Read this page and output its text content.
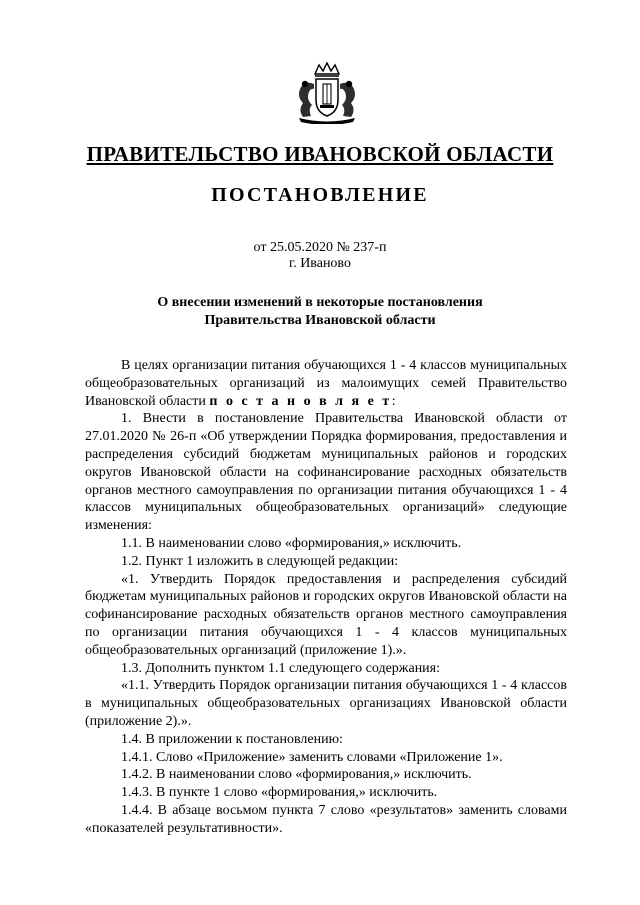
ПРАВИТЕЛЬСТВО ИВАНОВСКОЙ ОБЛАСТИ
ПОСТАНОВЛЕНИЕ
от 25.05.2020 № 237-п
г. Иваново
О внесении изменений в некоторые постановления
Правительства Ивановской области

В целях организации питания обучающихся 1 - 4 классов муниципальных общеобразовательных организаций из малоимущих семей Правительство Ивановской области п о с т а н о в л я е т:

1. Внести в постановление Правительства Ивановской области от 27.01.2020 № 26-п «Об утверждении Порядка формирования, предоставления и распределения субсидий бюджетам муниципальных районов и городских округов Ивановской области на софинансирование расходных обязательств органов местного самоуправления по организации питания обучающихся 1 - 4 классов муниципальных общеобразовательных организаций» следующие изменения:

1.1. В наименовании слово «формирования,» исключить.

1.2. Пункт 1 изложить в следующей редакции:

«1. Утвердить Порядок предоставления и распределения субсидий бюджетам муниципальных районов и городских округов Ивановской области на софинансирование расходных обязательств органов местного самоуправления по организации питания обучающихся 1 - 4 классов муниципальных общеобразовательных организаций (приложение 1).».

1.3. Дополнить пунктом 1.1 следующего содержания:

«1.1. Утвердить Порядок организации питания обучающихся 1 - 4 классов в муниципальных общеобразовательных организациях Ивановской области (приложение 2).».

1.4. В приложении к постановлению:

1.4.1. Слово «Приложение» заменить словами «Приложение 1».

1.4.2. В наименовании слово «формирования,» исключить.

1.4.3. В пункте 1 слово «формирования,» исключить.

1.4.4. В абзаце восьмом пункта 7 слово «результатов» заменить словами «показателей результативности».
